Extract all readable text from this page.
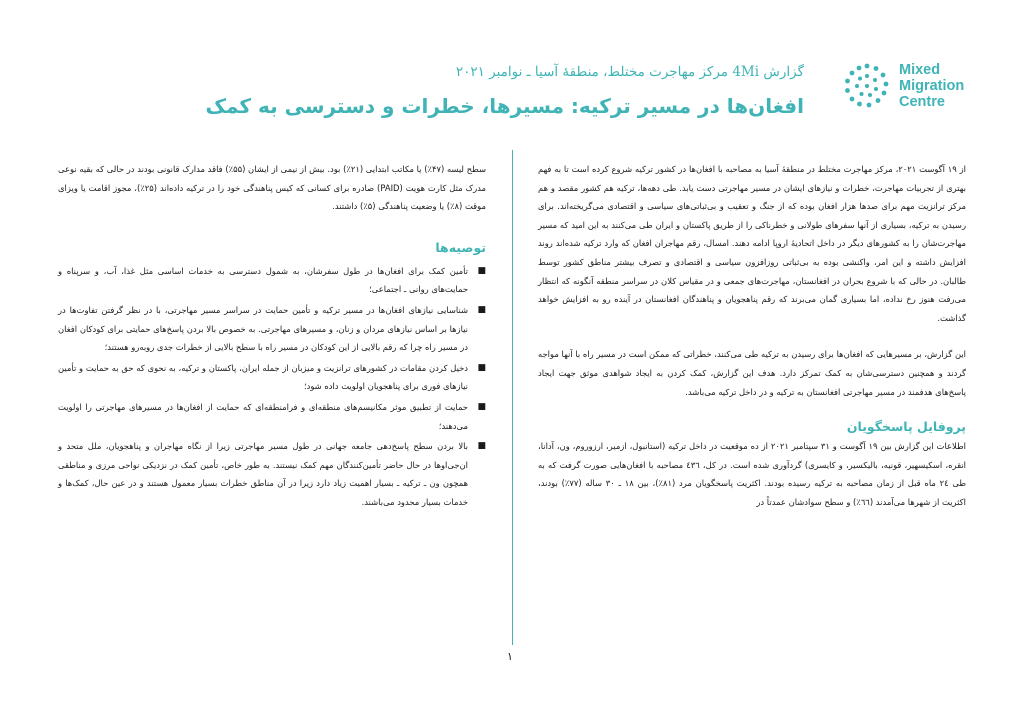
Mixed
Migration
Centre
گزارش 4Mi مرکز مهاجرت مختلط، منطقهٔ آسیا ـ نوامبر ۲۰۲۱
افغان‌ها در مسیر ترکیه: مسیرها، خطرات و دسترسی به کمک

از ۱۹ آگوست ۲۰۲۱، مرکز مهاجرت مختلط در منطقهٔ آسیا به مصاحبه با افغان‌ها در کشور ترکیه شروع کرده است تا به فهم بهتری از تجربیات مهاجرت، خطرات و نیازهای ایشان در مسیر مهاجرتی دست یابد. طی دهه‌ها، ترکیه هم کشور مقصد و هم مرکز ترانزیت مهم برای صدها هزار افغان بوده که از جنگ و تعقیب و بی‌ثباتی‌های سیاسی و اقتصادی می‌گریخته‌اند. برای رسیدن به ترکیه، بسیاری از آنها سفرهای طولانی و خطرناکی را از طریق پاکستان و ایران طی می‌کنند به این امید که مسیر مهاجرت‌شان را به کشورهای دیگر در داخل اتحادیهٔ اروپا ادامه دهند. امسال، رقم مهاجران افغان که وارد ترکیه شده‌اند روند افزایش داشته و این امر، واکنشی بوده به بی‌ثباتی روزافزون سیاسی و اقتصادی و تصرف بیشتر مناطق کشور توسط طالبان. در حالی که با شروع بحران در افغانستان، مهاجرت‌های جمعی و در مقیاس کلان در سراسر منطقه آنگونه که انتظار می‌رفت هنوز رخ نداده، اما بسیاری گمان می‌برند که رقم پناهجویان و پناهندگان افغانستان در آینده رو به افزایش خواهد گذاشت.

این گزارش، بر مسیرهایی که افغان‌ها برای رسیدن به ترکیه طی می‌کنند، خطراتی که ممکن است در مسیر راه با آنها مواجه گردند و همچنین دسترسی‌شان به کمک تمرکز دارد. هدف این گزارش، کمک کردن به ایجاد شواهدی موثق جهت ایجاد پاسخ‌های هدفمند در مسیر مهاجرتی افغانستان به ترکیه و در داخل ترکیه می‌باشد.

پروفایل پاسخگویان

اطلاعات این گزارش بین ۱۹ آگوست و ۳۱ سپتامبر ۲۰۲۱ از ده موقعیت در داخل ترکیه (استانبول، ازمیر، ارزوروم، ون، آدانا، انقره، اسکیسهیر، قونیه، بالیکسیر، و کایسری) گردآوری شده است. در کل، ٤٣٦ مصاحبه با افغان‌هایی صورت گرفت که به طی ۲٤ ماه قبل از زمان مصاحبه به ترکیه رسیده بودند. اکثریت پاسخگویان مرد (۸۱٪)، بین ۱۸ ـ ۳۰ ساله (۷۷٪) بودند، اکثریت از شهرها می‌آمدند (٦٦٪) و سطح سوادشان عمدتاً در

سطح لیسه (۴۷٪) یا مکاتب ابتدایی (۲۱٪) بود. بیش از نیمی از ایشان (۵۵٪) فاقد مدارک قانونی بودند در حالی که بقیه نوعی مدرک مثل کارت هویت (PAID) صادره برای کسانی که کیس پناهندگی خود را در ترکیه داده‌اند (۲۵٪)، مجوز اقامت یا ویزای موقت (۸٪) یا وضعیت پناهندگی (۵٪) داشتند.

توصیه‌ها

■
تأمین کمک برای افغان‌ها در طول سفرشان، به شمول دسترسی به خدمات اساسی مثل غذا، آب، و سرپناه و حمایت‌های روانی ـ اجتماعی؛
■
شناسایی نیازهای افغان‌ها در مسیر ترکیه و تأمین حمایت در سراسر مسیر مهاجرتی، با در نظر گرفتن تفاوت‌ها در نیازها بر اساس نیازهای مردان و زنان، و مسیرهای مهاجرتی. به خصوص بالا بردن پاسخ‌های حمایتی برای کودکان افغان در مسیر راه چرا که رقم بالایی از این کودکان در مسیر راه با سطح بالایی از خطرات جدی روبه‌رو هستند؛
■
دخیل کردن مقامات در کشورهای ترانزیت و میزبان از جمله ایران، پاکستان و ترکیه، به نحوی که حق به حمایت و تأمین نیازهای فوری برای پناهجویان اولویت داده شود؛
■
حمایت از تطبیق موثر مکانیسم‌های منطقه‌ای و فرامنطقه‌ای که حمایت از افغان‌ها در مسیرهای مهاجرتی را اولویت می‌دهند؛
■
بالا بردن سطح پاسخ‌دهی جامعه جهانی در طول مسیر مهاجرتی زیرا از نگاه مهاجران و پناهجویان، ملل متحد و ان‌جی‌اوها در حال حاضر تأمین‌کنندگان مهم کمک نیستند. به طور خاص، تأمین کمک در نزدیکی نواحی مرزی و مناطقی همچون ون ـ ترکیه ـ بسیار اهمیت زیاد دارد زیرا در آن مناطق خطرات بسیار معمول هستند و در عین حال، کمک‌ها و خدمات بسیار محدود می‌باشند.
۱
